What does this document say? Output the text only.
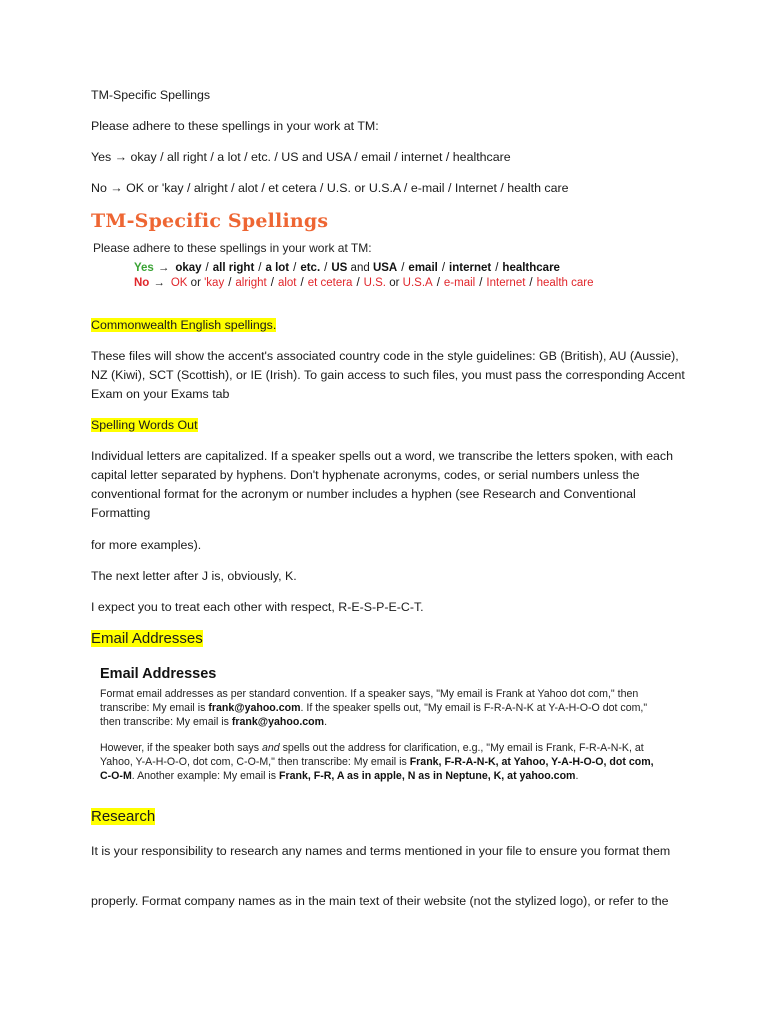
TM-Specific Spellings

Please adhere to these spellings in your work at TM:

Yes → okay / all right / a lot / etc. / US and USA / email / internet / healthcare

No → OK or 'kay / alright / alot / et cetera / U.S. or U.S.A / e-mail / Internet / health care

TM-Specific Spellings
Please adhere to these spellings in your work at TM:
Yes → okay / all right / a lot / etc. / US and USA / email / internet / healthcare
No → OK or 'kay / alright / alot / et cetera / U.S. or U.S.A / e-mail / Internet / health care

Commonwealth English spellings.

These files will show the accent's associated country code in the style guidelines: GB (British), AU (Aussie), NZ (Kiwi), SCT (Scottish), or IE (Irish). To gain access to such files, you must pass the corresponding Accent Exam on your Exams tab

Spelling Words Out

Individual letters are capitalized. If a speaker spells out a word, we transcribe the letters spoken, with each capital letter separated by hyphens. Don't hyphenate acronyms, codes, or serial numbers unless the conventional format for the acronym or number includes a hyphen (see Research and Conventional Formatting

for more examples).

The next letter after J is, obviously, K.

I expect you to treat each other with respect, R-E-S-P-E-C-T.

Email Addresses

Email Addresses

Format email addresses as per standard convention. If a speaker says, "My email is Frank at Yahoo dot com," then transcribe: My email is frank@yahoo.com. If the speaker spells out, "My email is F-R-A-N-K at Y-A-H-O-O dot com," then transcribe: My email is frank@yahoo.com.

However, if the speaker both says and spells out the address for clarification, e.g., "My email is Frank, F-R-A-N-K, at Yahoo, Y-A-H-O-O, dot com, C-O-M," then transcribe: My email is Frank, F-R-A-N-K, at Yahoo, Y-A-H-O-O, dot com, C-O-M. Another example: My email is Frank, F-R, A as in apple, N as in Neptune, K, at yahoo.com.

Research

It is your responsibility to research any names and terms mentioned in your file to ensure you format them

properly. Format company names as in the main text of their website (not the stylized logo), or refer to the
